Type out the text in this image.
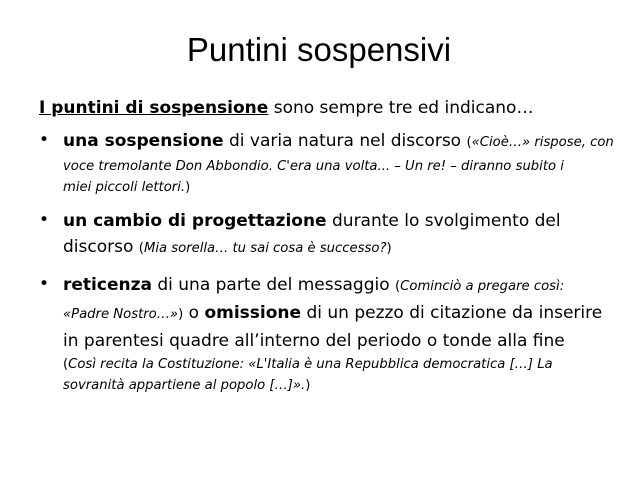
Puntini sospensivi
I puntini di sospensione sono sempre tre ed indicano…
• una sospensione di varia natura nel discorso («Cioè…» rispose, con
voce tremolante Don Abbondio. C'era una volta... – Un re! – diranno subito i
miei piccoli lettori.)
• un cambio di progettazione durante lo svolgimento del
discorso (Mia sorella… tu sai cosa è successo?)
• reticenza di una parte del messaggio (Cominciò a pregare così:
«Padre Nostro…») o omissione di un pezzo di citazione da inserire
in parentesi quadre all’interno del periodo o tonde alla fine
(Così recita la Costituzione: «L'Italia è una Repubblica democratica […] La
sovranità appartiene al popolo […]».)
